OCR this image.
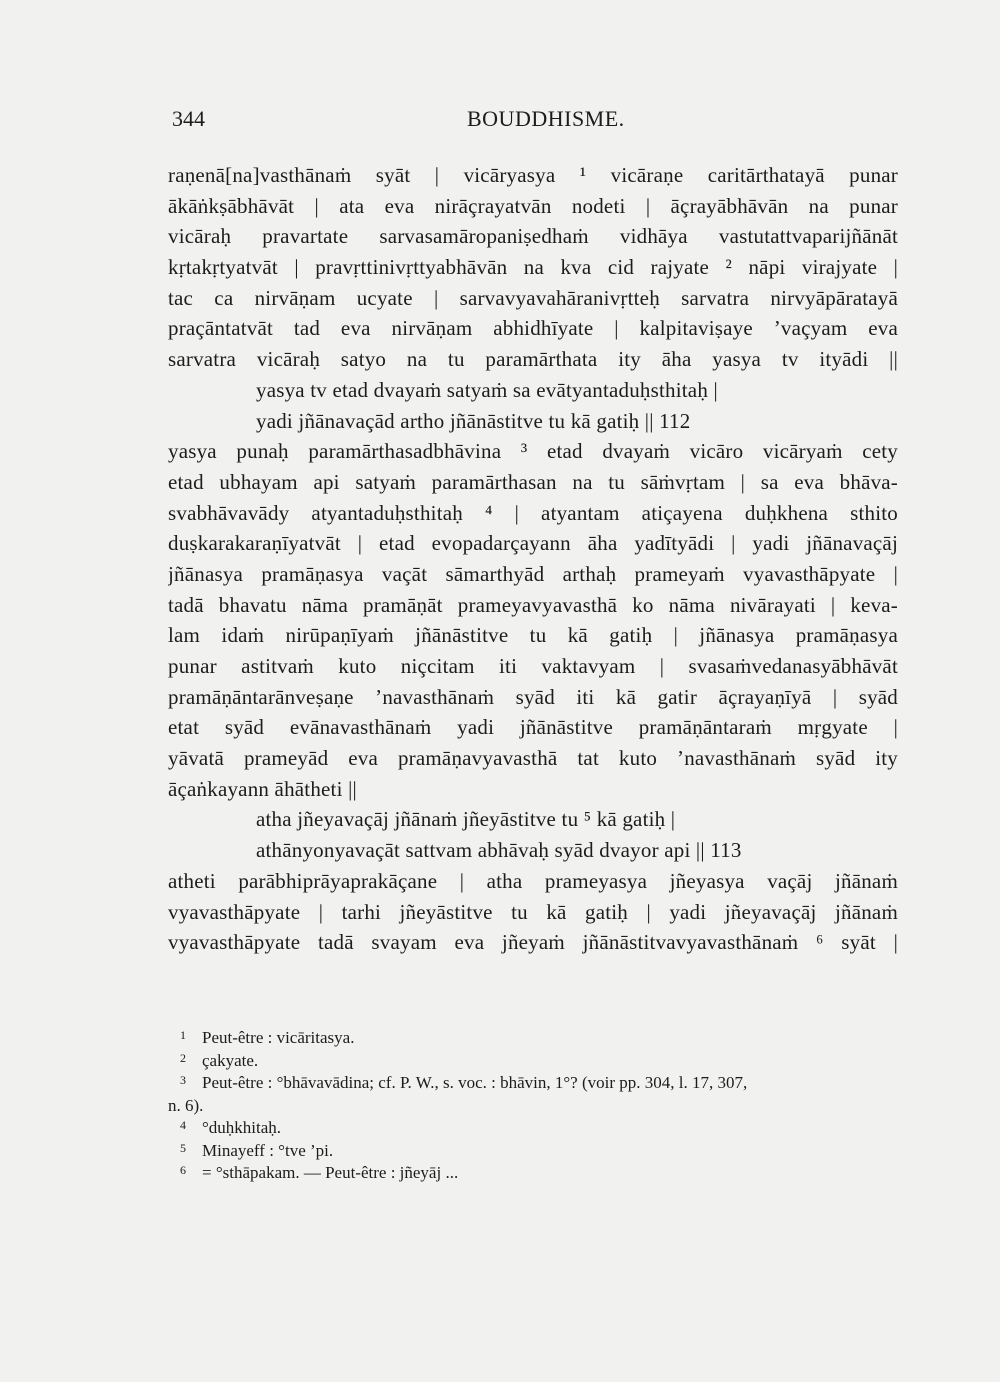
344	BOUDDHISME.
raṇenā[na]vasthānaṁ syāt | vicāryasya ¹ vicāraṇe caritārthatayā punar
ākāṅkṣābhāvāt | ata eva nirāçrayatvān nodeti | āçrayābhāvān na punar
vicāraḥ pravartate sarvasamāropaniṣedhaṁ vidhāya vastutattvaparijñānāt
kṛtakṛtyatvāt | pravṛttinivṛttyabhāvān na kva cid rajyate ² nāpi virajyate |
tac ca nirvāṇam ucyate | sarvavyavahāranivṛtteḥ sarvatra nirvyāpāratayā
praçāntatvāt tad eva nirvāṇam abhidhīyate | kalpitaviṣaye ’vaçyam eva
sarvatra vicāraḥ satyo na tu paramārthata ity āha yasya tv ityādi ||
yasya tv etad dvayaṁ satyaṁ sa evātyantaduḥsthitaḥ |
yadi jñānavaçād artho jñānāstitve tu kā gatiḥ || 112
yasya punaḥ paramārthasadbhāvina ³ etad dvayaṁ vicāro vicāryaṁ cety
etad ubhayam api satyaṁ paramārthasan na tu sāṁvṛtam | sa eva bhāva-
svabhāvavādy atyantaduḥsthitaḥ ⁴ | atyantam atiçayena duḥkhena sthito
duṣkarakaraṇīyatvāt | etad evopadarçayann āha yadītyādi | yadi jñānavaçāj
jñānasya pramāṇasya vaçāt sāmarthyād arthaḥ prameyaṁ vyavasthāpyate |
tadā bhavatu nāma pramāṇāt prameyavyavasthā ko nāma nivārayati | keva-
lam idaṁ nirūpaṇīyaṁ jñānāstitve tu kā gatiḥ | jñānasya pramāṇasya
punar astitvaṁ kuto niçcitam iti vaktavyam | svasaṁvedanasyābhāvāt
pramāṇāntarānveṣaṇe ’navasthānaṁ syād iti kā gatir āçrayaṇīyā | syād
etat syād evānavasthānaṁ yadi jñānāstitve pramāṇāntaraṁ mṛgyate |
yāvatā prameyād eva pramāṇavyavasthā tat kuto ’navasthānaṁ syād ity
āçaṅkayann āhātheti ||
atha jñeyavaçāj jñānaṁ jñeyāstitve tu ⁵ kā gatiḥ |
athānyonyavaçāt sattvam abhāvaḥ syād dvayor api || 113
atheti parābhiprāyaprakāçane | atha prameyasya jñeyasya vaçāj jñānaṁ
vyavasthāpyate | tarhi jñeyāstitve tu kā gatiḥ | yadi jñeyavaçāj jñānaṁ
vyavasthāpyate tadā svayam eva jñeyaṁ jñānāstitvavyavasthānaṁ ⁶ syāt |
1 Peut-être : vicāritasya.
2 çakyate.
3 Peut-être : °bhāvavādina; cf. P. W., s. voc. : bhāvin, 1°? (voir pp. 304, l. 17, 307,
n. 6).
4 °duḥkhitaḥ.
5 Minayeff : °tve ’pi.
6 = °sthāpakam. — Peut-être : jñeyāj ...
